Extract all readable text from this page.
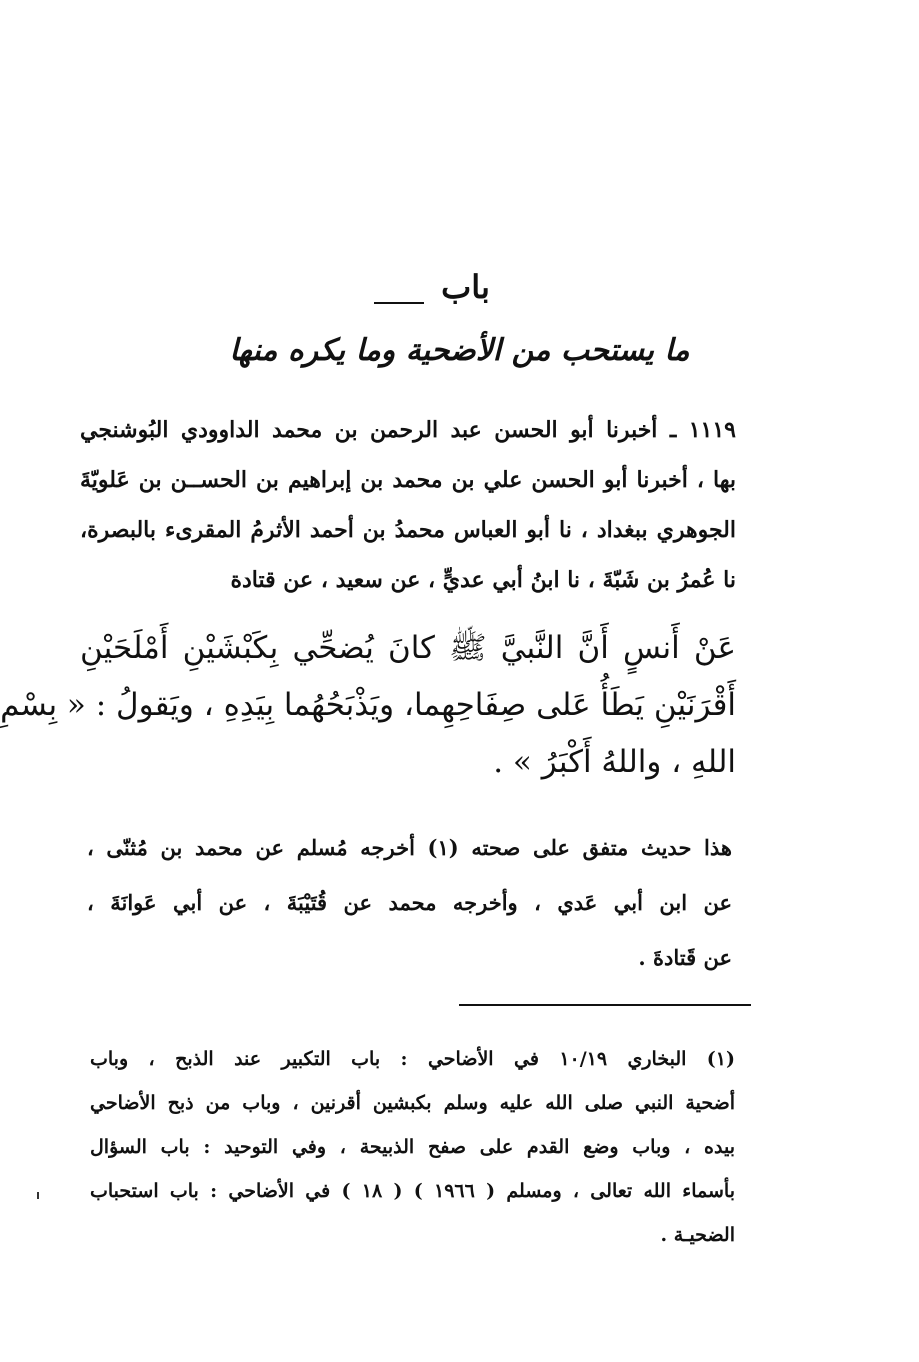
باب
ما يستحب من الأضحية وما يكره منها
١١١٩ ـ أخبرنا أبو الحسن عبد الرحمن بن محمد الداوودي البُوشنجي
بها ، أخبرنا أبو الحسن علي بن محمد بن إبراهيم بن الحســن بن عَلويّةَ
الجوهري ببغداد ، نا أبو العباس محمدُ بن أحمد الأثرمُ المقرىء بالبصرة،
نا عُمرُ بن شَبّةَ ، نا ابنُ أبي عديٍّ ، عن سعيد ، عن قتادة
عَنْ أَنسٍ أَنَّ النَّبيَّ ﷺ كانَ يُضحِّي بِكَبْشَيْنِ أَمْلَحَيْنِ
أَقْرَنَيْنِ يَطَأُ عَلى صِفَاحِهِما، ويَذْبَحُهُما بِيَدِهِ ، ويَقولُ : « بِسْمِ
اللهِ ، واللهُ أَكْبَرُ » .
هذا حديث متفق على صحته (١) أخرجه مُسلم عن محمد بن مُثنّى ،
عن ابن أبي عَدي ، وأخرجه محمد عن قُتَيْبَةَ ، عن أبي عَوانَةَ ،
عن قَتادةَ .
(١) البخاري ١٠/١٩ في الأضاحي : باب التكبير عند الذبح ، وباب
أضحية النبي صلى الله عليه وسلم بكبشين أقرنين ، وباب من ذبح الأضاحي
بيده ، وباب وضع القدم على صفح الذبيحة ، وفي التوحيد : باب السؤال
بأسماء الله تعالى ، ومسلم ( ١٩٦٦ ) ( ١٨ ) في الأضاحي : باب استحباب
الضحيـة .
